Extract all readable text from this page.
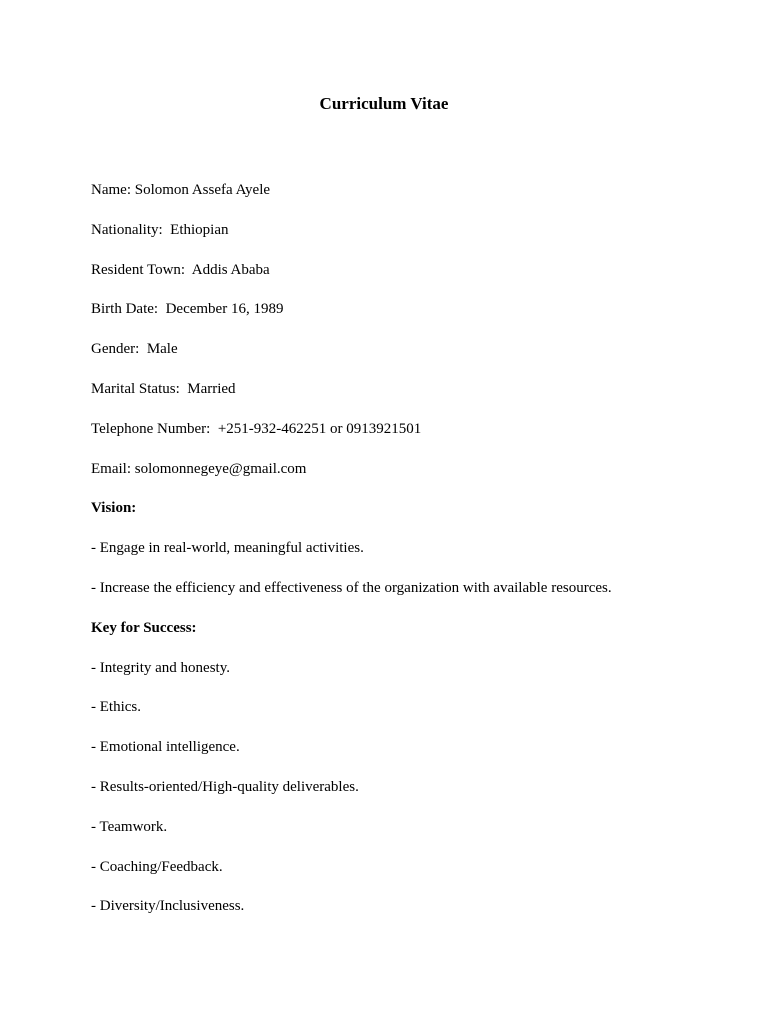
Curriculum Vitae

Name: Solomon Assefa Ayele

Nationality: Ethiopian

Resident Town: Addis Ababa

Birth Date: December 16, 1989

Gender: Male

Marital Status: Married

Telephone Number: +251-932-462251 or 0913921501

Email: solomonnegeye@gmail.com

Vision:

- Engage in real-world, meaningful activities.

- Increase the efficiency and effectiveness of the organization with available resources.

Key for Success:

- Integrity and honesty.

- Ethics.

- Emotional intelligence.

- Results-oriented/High-quality deliverables.

- Teamwork.

- Coaching/Feedback.

- Diversity/Inclusiveness.
